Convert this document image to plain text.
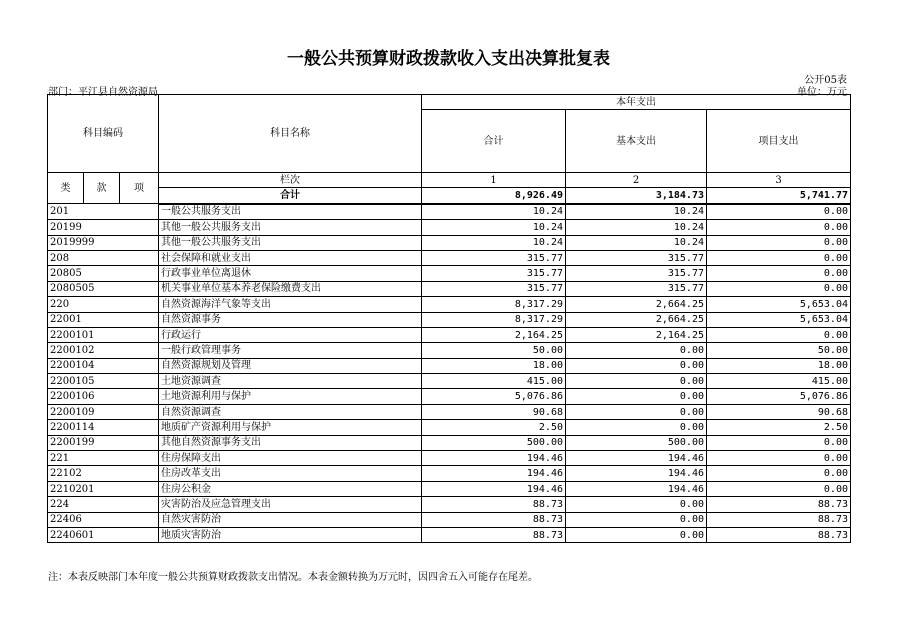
一般公共预算财政拨款收入支出决算批复表
公开05表
部门：平江县自然资源局	单位：万元
科目编码			科目名称	本年支出		
				合计	基本支出	项目支出
类	款	项	栏次	1	2	3
			合计	8,926.49	3,184.73	5,741.77
201			一般公共服务支出	10.24	10.24	0.00
20199			其他一般公共服务支出	10.24	10.24	0.00
2019999			其他一般公共服务支出	10.24	10.24	0.00
208			社会保障和就业支出	315.77	315.77	0.00
20805			行政事业单位离退休	315.77	315.77	0.00
2080505			机关事业单位基本养老保险缴费支出	315.77	315.77	0.00
220			自然资源海洋气象等支出	8,317.29	2,664.25	5,653.04
22001			自然资源事务	8,317.29	2,664.25	5,653.04
2200101			行政运行	2,164.25	2,164.25	0.00
2200102			一般行政管理事务	50.00	0.00	50.00
2200104			自然资源规划及管理	18.00	0.00	18.00
2200105			土地资源调查	415.00	0.00	415.00
2200106			土地资源利用与保护	5,076.86	0.00	5,076.86
2200109			自然资源调查	90.68	0.00	90.68
2200114			地质矿产资源利用与保护	2.50	0.00	2.50
2200199			其他自然资源事务支出	500.00	500.00	0.00
221			住房保障支出	194.46	194.46	0.00
22102			住房改革支出	194.46	194.46	0.00
2210201			住房公积金	194.46	194.46	0.00
224			灾害防治及应急管理支出	88.73	0.00	88.73
22406			自然灾害防治	88.73	0.00	88.73
2240601			地质灾害防治	88.73	0.00	88.73
注：本表反映部门本年度一般公共预算财政拨款支出情况。本表金额转换为万元时，因四舍五入可能存在尾差。
